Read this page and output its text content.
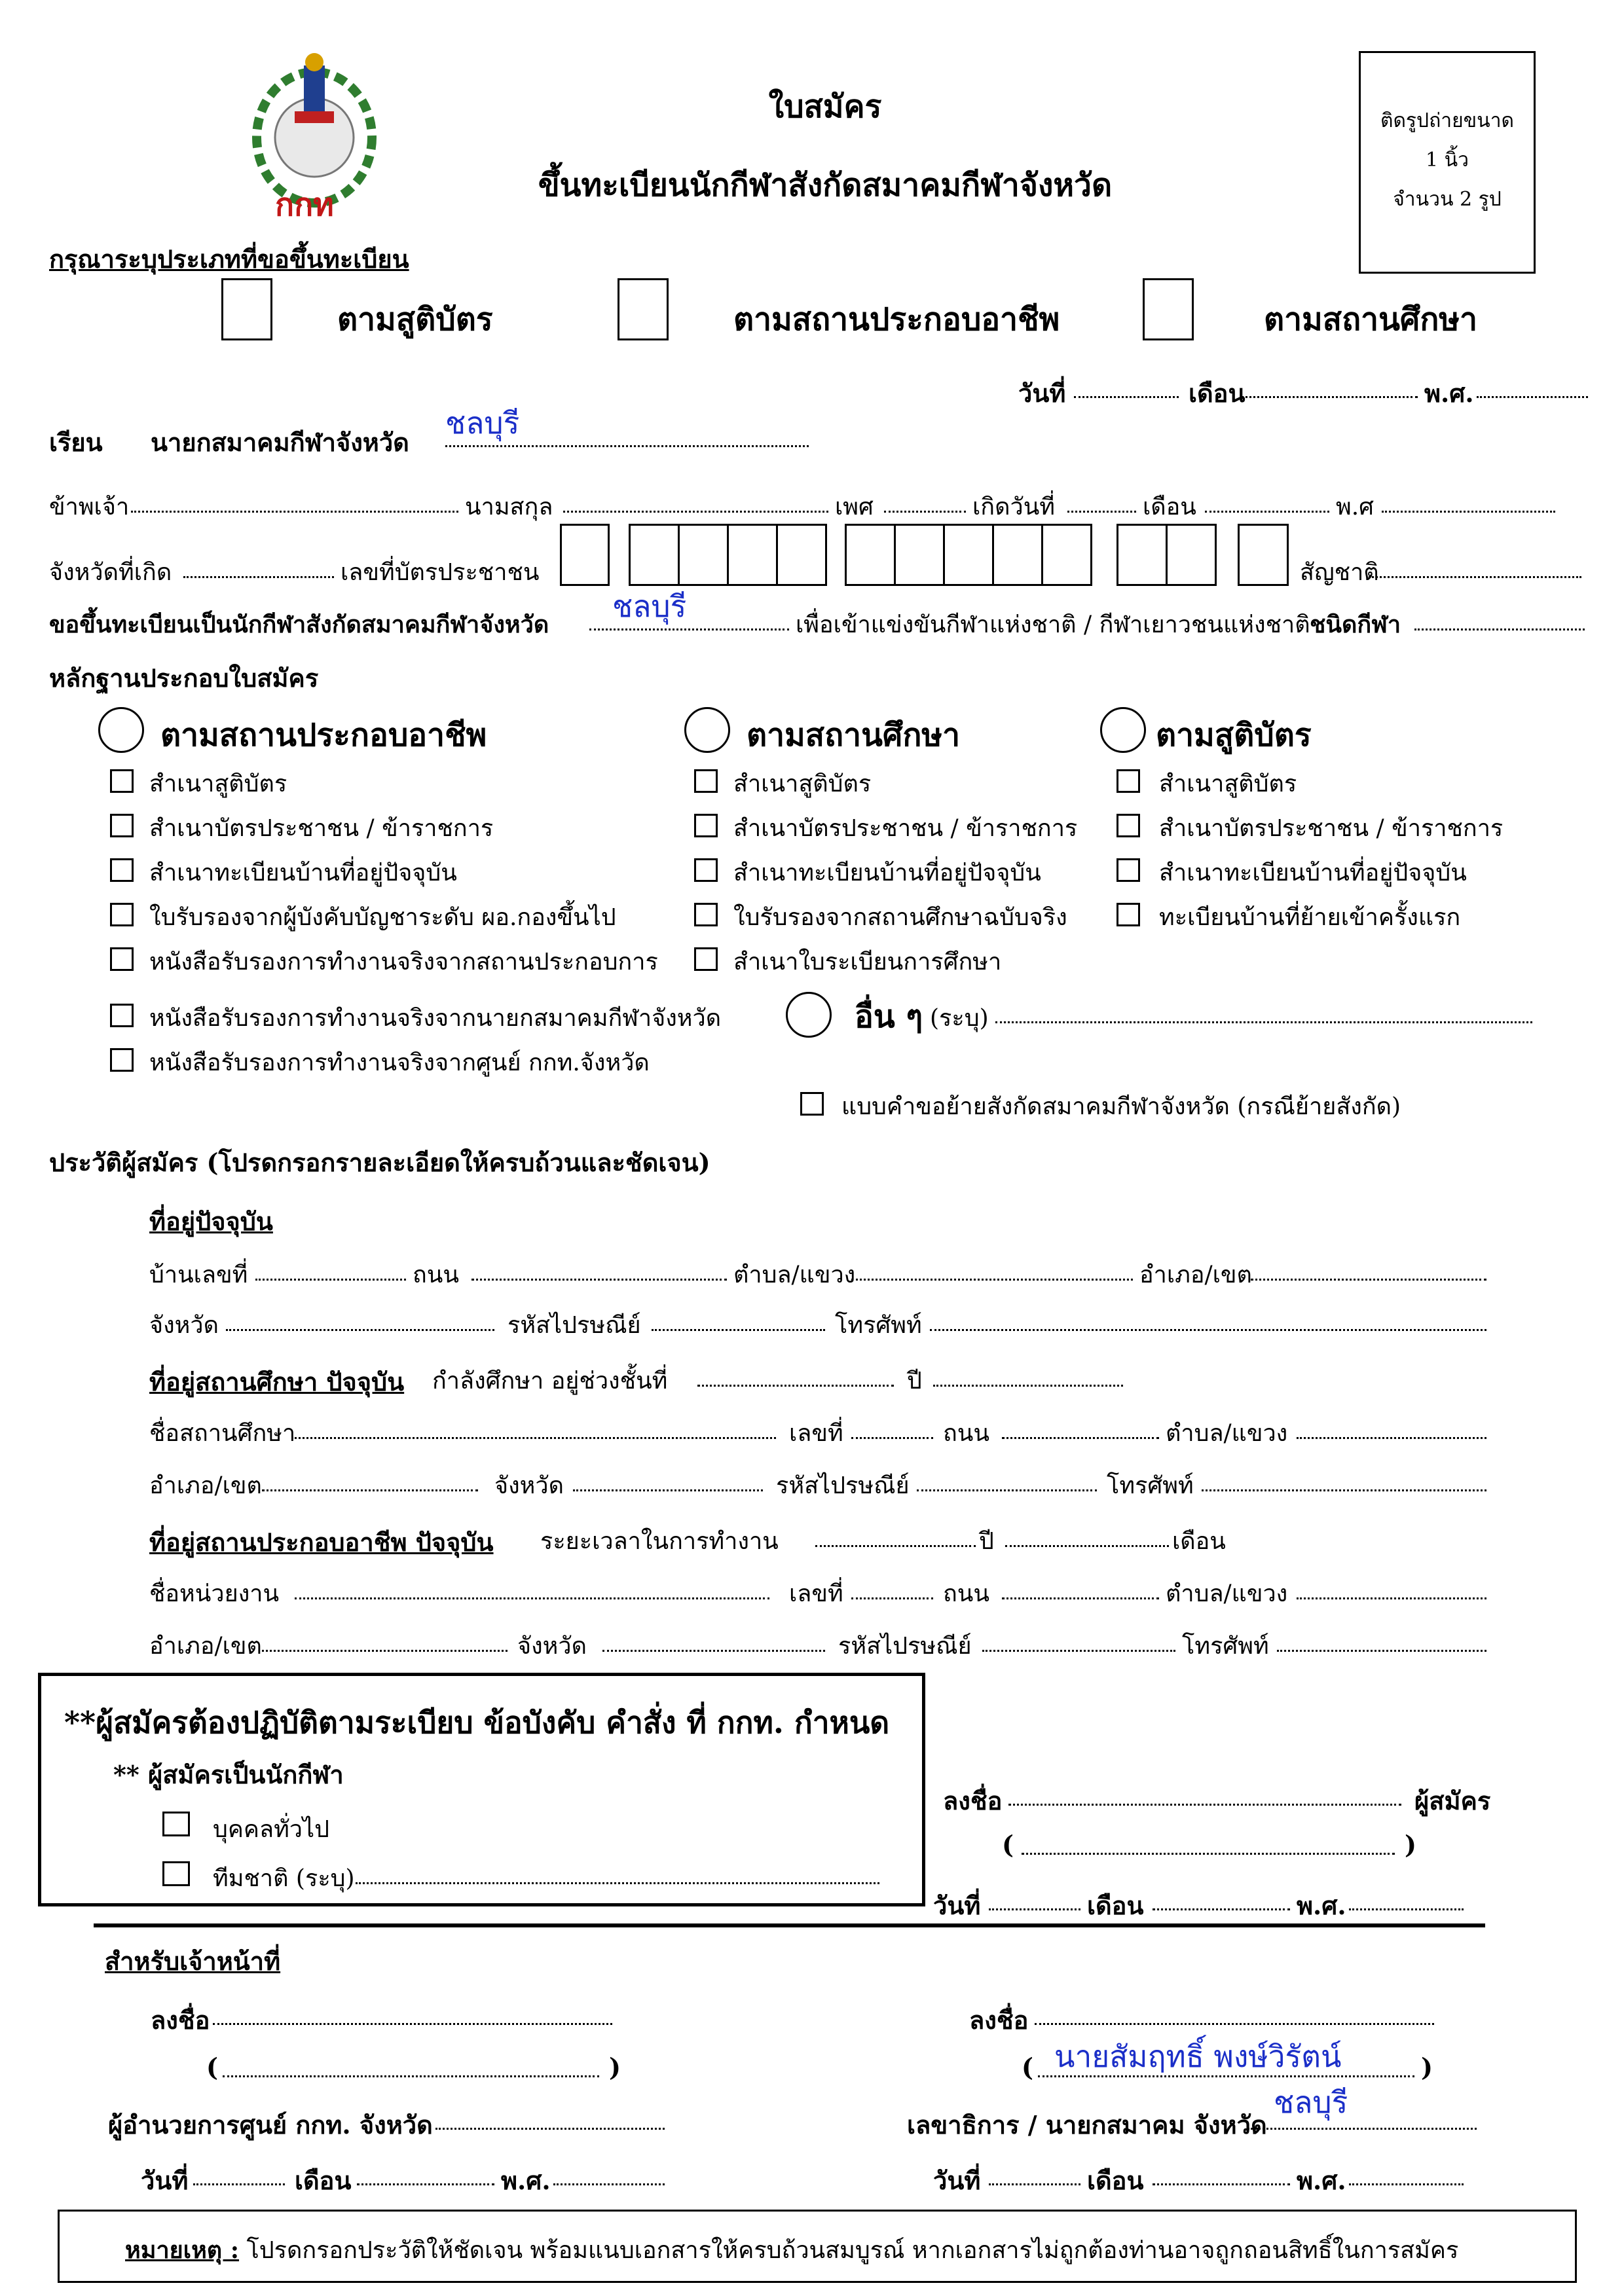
กกท
ใบสมัคร
ขึ้นทะเบียนนักกีฬาสังกัดสมาคมกีฬาจังหวัด
ติดรูปถ่ายขนาด
1 นิ้ว
จำนวน 2 รูป
กรุณาระบุประเภทที่ขอขึ้นทะเบียน
ตามสูติบัตร	ตามสถานประกอบอาชีพ	ตามสถานศึกษา
วันที่	เดือน	พ.ศ.
เรียน นายกสมาคมกีฬาจังหวัด
ชลบุรี
ข้าพเจ้า	นามสกุล	เพศ	เกิดวันที่	เดือน	พ.ศ
จังหวัดที่เกิด	เลขที่บัตรประชาชน	สัญชาติ
ขอขึ้นทะเบียนเป็นนักกีฬาสังกัดสมาคมกีฬาจังหวัด
ชลบุรี
เพื่อเข้าแข่งขันกีฬาแห่งชาติ / กีฬาเยาวชนแห่งชาติ ชนิดกีฬา
หลักฐานประกอบใบสมัคร
ตามสถานประกอบอาชีพ	ตามสถานศึกษา	ตามสูติบัตร
สำเนาสูติบัตร
สำเนาบัตรประชาชน / ข้าราชการ
สำเนาทะเบียนบ้านที่อยู่ปัจจุบัน
ใบรับรองจากผู้บังคับบัญชาระดับ ผอ.กองขึ้นไป
หนังสือรับรองการทำงานจริงจากสถานประกอบการ
หนังสือรับรองการทำงานจริงจากนายกสมาคมกีฬาจังหวัด
หนังสือรับรองการทำงานจริงจากศูนย์ กกท.จังหวัด
สำเนาสูติบัตร
สำเนาบัตรประชาชน / ข้าราชการ
สำเนาทะเบียนบ้านที่อยู่ปัจจุบัน
ใบรับรองจากสถานศึกษาฉบับจริง
สำเนาใบระเบียนการศึกษา
สำเนาสูติบัตร
สำเนาบัตรประชาชน / ข้าราชการ
สำเนาทะเบียนบ้านที่อยู่ปัจจุบัน
ทะเบียนบ้านที่ย้ายเข้าครั้งแรก
อื่น ๆ (ระบุ)
แบบคำขอย้ายสังกัดสมาคมกีฬาจังหวัด (กรณีย้ายสังกัด)
ประวัติผู้สมัคร (โปรดกรอกรายละเอียดให้ครบถ้วนและชัดเจน)
ที่อยู่ปัจจุบัน
บ้านเลขที่	ถนน	ตำบล/แขวง	อำเภอ/เขต
จังหวัด	รหัสไปรษณีย์	โทรศัพท์
ที่อยู่สถานศึกษา ปัจจุบัน กำลังศึกษา อยู่ช่วงชั้นที่	ปี
ชื่อสถานศึกษา	เลขที่	ถนน	ตำบล/แขวง
อำเภอ/เขต	จังหวัด	รหัสไปรษณีย์	โทรศัพท์
ที่อยู่สถานประกอบอาชีพ ปัจจุบัน ระยะเวลาในการทำงาน	ปี	เดือน
ชื่อหน่วยงาน	เลขที่	ถนน	ตำบล/แขวง
อำเภอ/เขต	จังหวัด	รหัสไปรษณีย์	โทรศัพท์
**ผู้สมัครต้องปฏิบัติตามระเบียบ ข้อบังคับ คำสั่ง ที่ กกท. กำหนด
** ผู้สมัครเป็นนักกีฬา
บุคคลทั่วไป
ทีมชาติ (ระบุ)
ลงชื่อ	ผู้สมัคร
(	)
วันที่	เดือน	พ.ศ.
สำหรับเจ้าหน้าที่
ลงชื่อ
(	)
ผู้อำนวยการศูนย์ กกท. จังหวัด
วันที่	เดือน	พ.ศ.
ลงชื่อ
( นายสัมฤทธิ์ พงษ์วิรัตน์	)
เลขาธิการ / นายกสมาคม จังหวัด
ชลบุรี
วันที่	เดือน	พ.ศ.
หมายเหตุ : โปรดกรอกประวัติให้ชัดเจน พร้อมแนบเอกสารให้ครบถ้วนสมบูรณ์ หากเอกสารไม่ถูกต้องท่านอาจถูกถอนสิทธิ์ในการสมัคร
